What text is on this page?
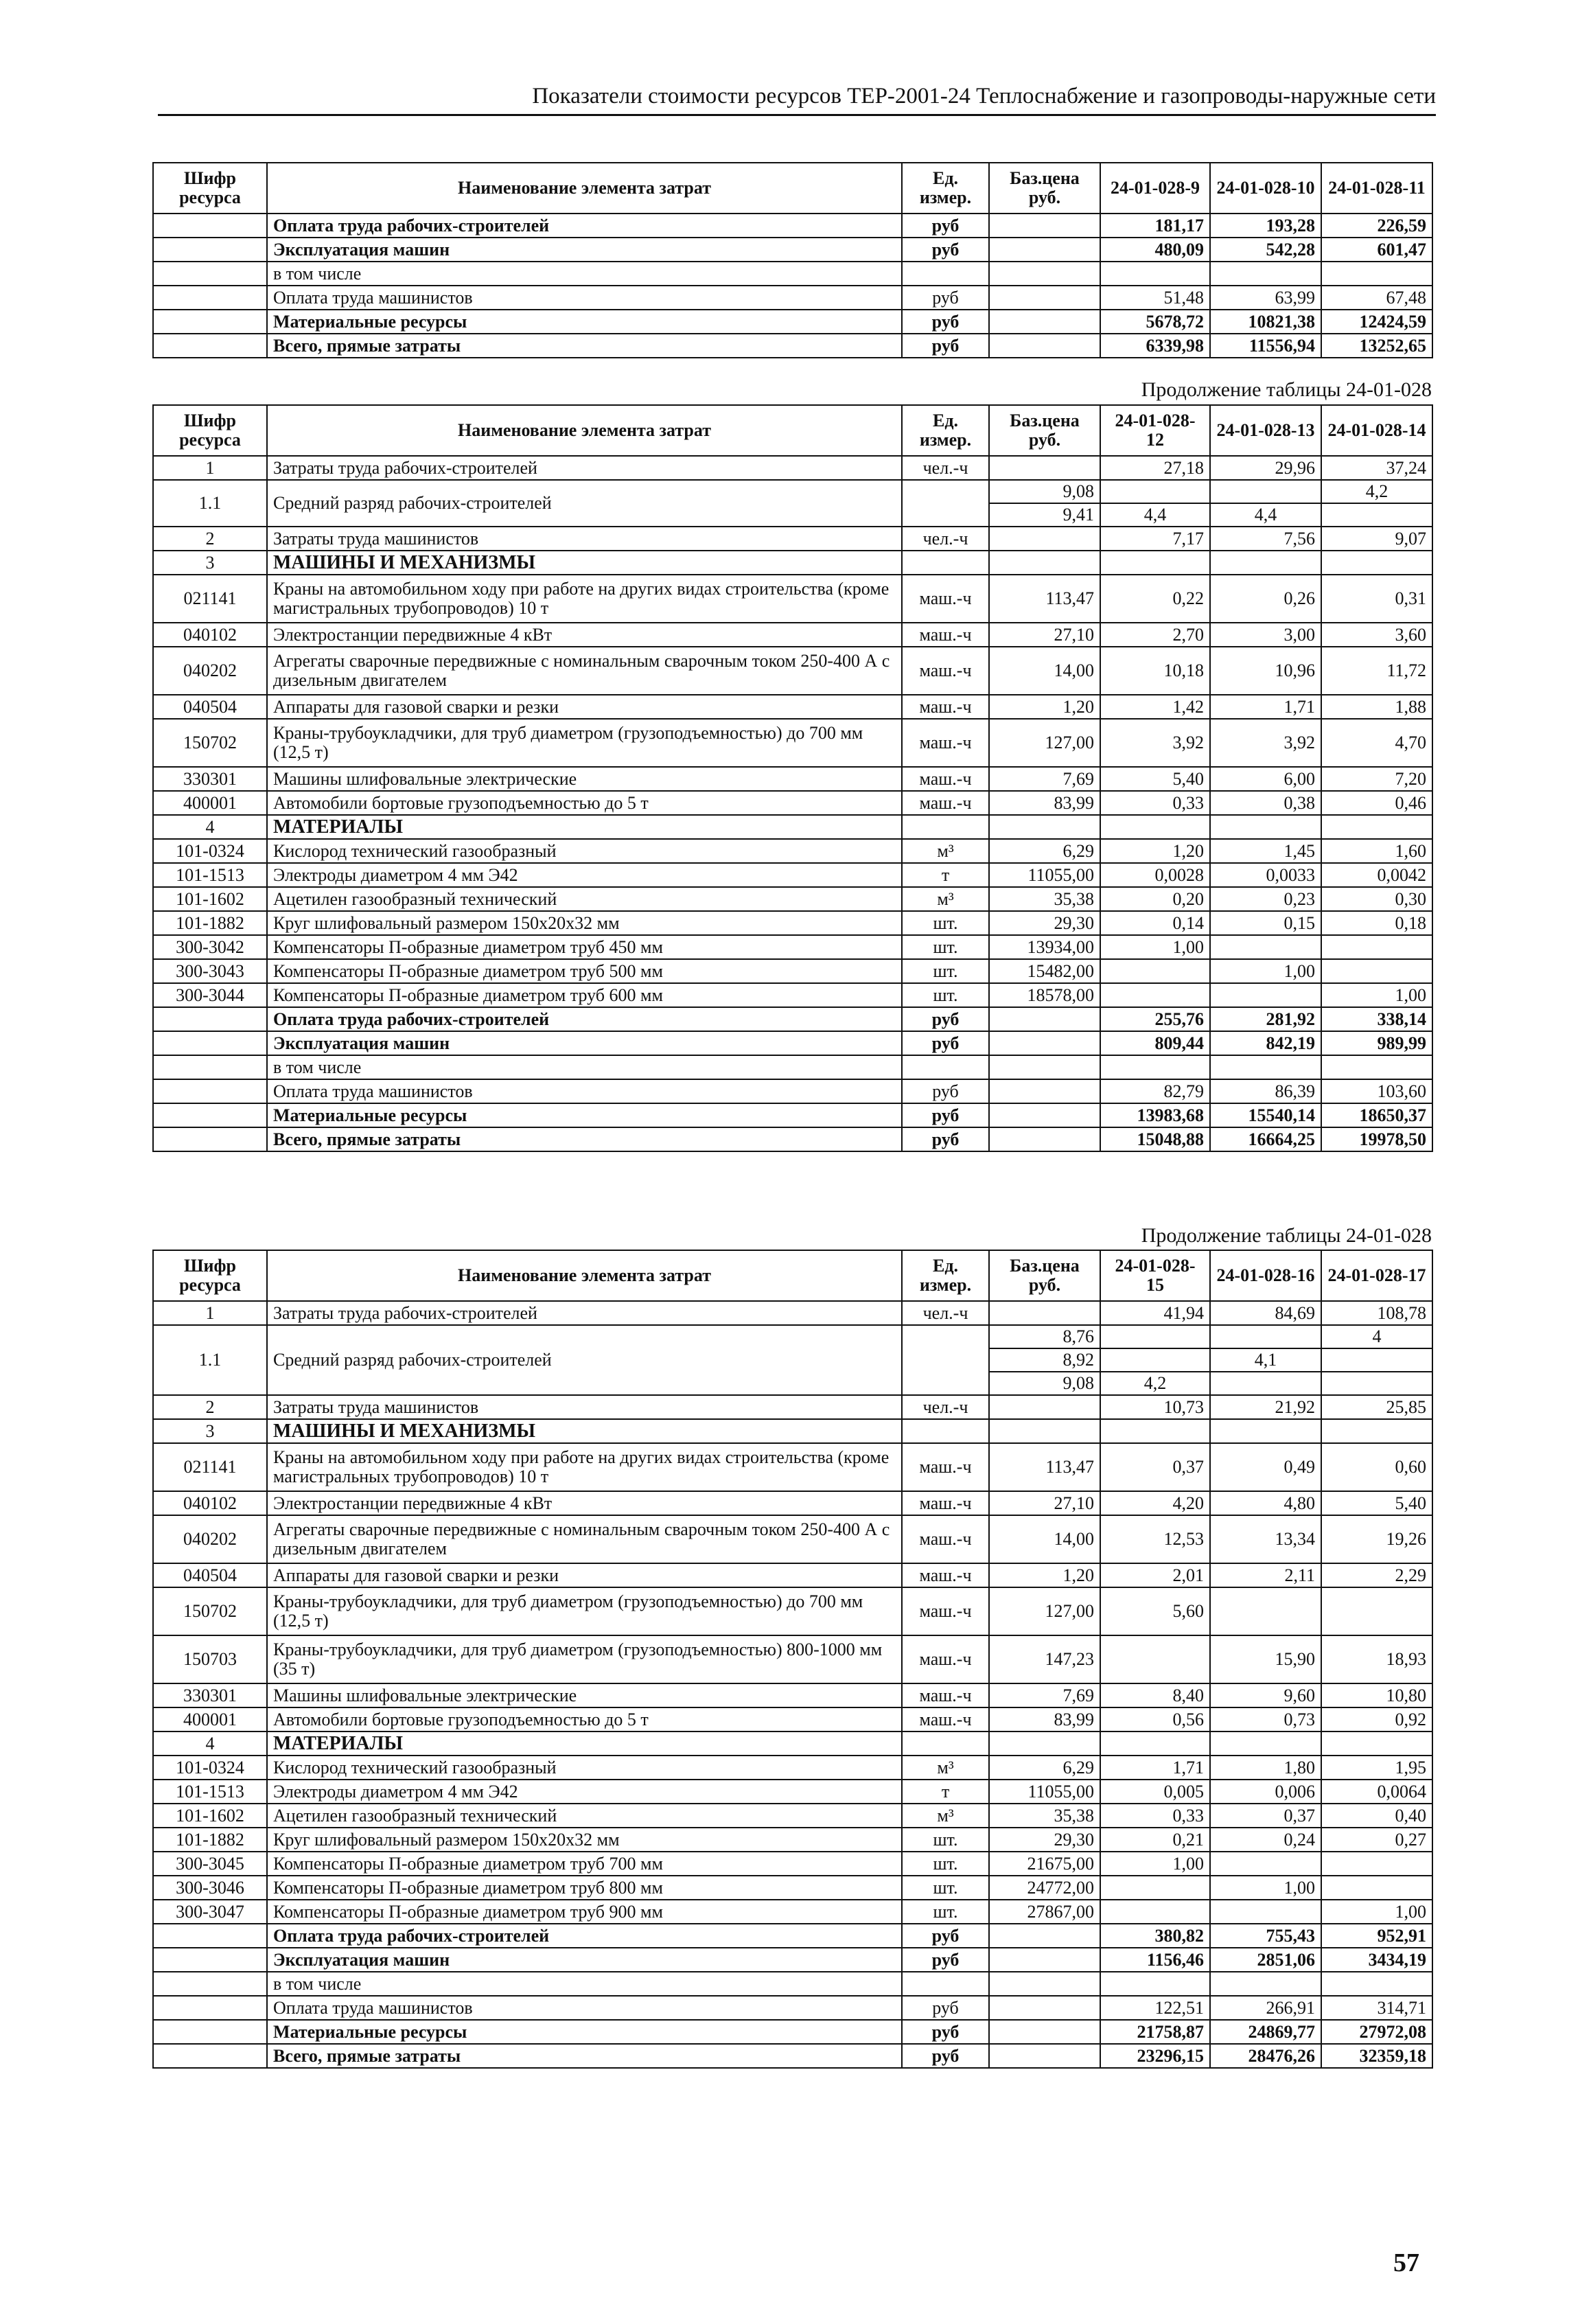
Показатели стоимости ресурсов ТЕР-2001-24 Теплоснабжение и газопроводы-наружные сети
Шифр ресурса	Наименование элемента затрат	Ед. измер.	Баз.цена руб.	24-01-028-9	24-01-028-10	24-01-028-11
	Оплата труда рабочих-строителей	руб		181,17	193,28	226,59
	Эксплуатация машин	руб		480,09	542,28	601,47
	в том числе					
	Оплата труда машинистов	руб		51,48	63,99	67,48
	Материальные ресурсы	руб		5678,72	10821,38	12424,59
	Всего, прямые затраты	руб		6339,98	11556,94	13252,65
Продолжение таблицы 24-01-028
Шифр ресурса	Наименование элемента затрат	Ед. измер.	Баз.цена руб.	24-01-028-12	24-01-028-13	24-01-028-14
1	Затраты труда рабочих-строителей	чел.-ч		27,18	29,96	37,24
1.1	Средний разряд рабочих-строителей		9,08			4,2
			9,41	4,4	4,4	
2	Затраты труда машинистов	чел.-ч		7,17	7,56	9,07
3	МАШИНЫ И МЕХАНИЗМЫ					
021141	Краны на автомобильном ходу при работе на других видах строительства (кроме магистральных трубопроводов) 10 т	маш.-ч	113,47	0,22	0,26	0,31
040102	Электростанции передвижные 4 кВт	маш.-ч	27,10	2,70	3,00	3,60
040202	Агрегаты сварочные передвижные с номинальным сварочным током 250-400 А с дизельным двигателем	маш.-ч	14,00	10,18	10,96	11,72
040504	Аппараты для газовой сварки и резки	маш.-ч	1,20	1,42	1,71	1,88
150702	Краны-трубоукладчики, для труб диаметром (грузоподъемностью) до 700 мм (12,5 т)	маш.-ч	127,00	3,92	3,92	4,70
330301	Машины шлифовальные электрические	маш.-ч	7,69	5,40	6,00	7,20
400001	Автомобили бортовые грузоподъемностью до 5 т	маш.-ч	83,99	0,33	0,38	0,46
4	МАТЕРИАЛЫ					
101-0324	Кислород технический газообразный	м³	6,29	1,20	1,45	1,60
101-1513	Электроды диаметром 4 мм Э42	т	11055,00	0,0028	0,0033	0,0042
101-1602	Ацетилен газообразный технический	м³	35,38	0,20	0,23	0,30
101-1882	Круг шлифовальный размером 150х20х32 мм	шт.	29,30	0,14	0,15	0,18
300-3042	Компенсаторы П-образные диаметром труб 450 мм	шт.	13934,00	1,00		
300-3043	Компенсаторы П-образные диаметром труб 500 мм	шт.	15482,00		1,00	
300-3044	Компенсаторы П-образные диаметром труб 600 мм	шт.	18578,00			1,00
	Оплата труда рабочих-строителей	руб		255,76	281,92	338,14
	Эксплуатация машин	руб		809,44	842,19	989,99
	в том числе					
	Оплата труда машинистов	руб		82,79	86,39	103,60
	Материальные ресурсы	руб		13983,68	15540,14	18650,37
	Всего, прямые затраты	руб		15048,88	16664,25	19978,50
Продолжение таблицы 24-01-028
Шифр ресурса	Наименование элемента затрат	Ед. измер.	Баз.цена руб.	24-01-028-15	24-01-028-16	24-01-028-17
1	Затраты труда рабочих-строителей	чел.-ч		41,94	84,69	108,78
1.1	Средний разряд рабочих-строителей		8,76			4
			8,92		4,1	
			9,08	4,2		
2	Затраты труда машинистов	чел.-ч		10,73	21,92	25,85
3	МАШИНЫ И МЕХАНИЗМЫ					
021141	Краны на автомобильном ходу при работе на других видах строительства (кроме магистральных трубопроводов) 10 т	маш.-ч	113,47	0,37	0,49	0,60
040102	Электростанции передвижные 4 кВт	маш.-ч	27,10	4,20	4,80	5,40
040202	Агрегаты сварочные передвижные с номинальным сварочным током 250-400 А с дизельным двигателем	маш.-ч	14,00	12,53	13,34	19,26
040504	Аппараты для газовой сварки и резки	маш.-ч	1,20	2,01	2,11	2,29
150702	Краны-трубоукладчики, для труб диаметром (грузоподъемностью) до 700 мм (12,5 т)	маш.-ч	127,00	5,60		
150703	Краны-трубоукладчики, для труб диаметром (грузоподъемностью) 800-1000 мм (35 т)	маш.-ч	147,23		15,90	18,93
330301	Машины шлифовальные электрические	маш.-ч	7,69	8,40	9,60	10,80
400001	Автомобили бортовые грузоподъемностью до 5 т	маш.-ч	83,99	0,56	0,73	0,92
4	МАТЕРИАЛЫ					
101-0324	Кислород технический газообразный	м³	6,29	1,71	1,80	1,95
101-1513	Электроды диаметром 4 мм Э42	т	11055,00	0,005	0,006	0,0064
101-1602	Ацетилен газообразный технический	м³	35,38	0,33	0,37	0,40
101-1882	Круг шлифовальный размером 150х20х32 мм	шт.	29,30	0,21	0,24	0,27
300-3045	Компенсаторы П-образные диаметром труб 700 мм	шт.	21675,00	1,00		
300-3046	Компенсаторы П-образные диаметром труб 800 мм	шт.	24772,00		1,00	
300-3047	Компенсаторы П-образные диаметром труб 900 мм	шт.	27867,00			1,00
	Оплата труда рабочих-строителей	руб		380,82	755,43	952,91
	Эксплуатация машин	руб		1156,46	2851,06	3434,19
	в том числе					
	Оплата труда машинистов	руб		122,51	266,91	314,71
	Материальные ресурсы	руб		21758,87	24869,77	27972,08
	Всего, прямые затраты	руб		23296,15	28476,26	32359,18
57
